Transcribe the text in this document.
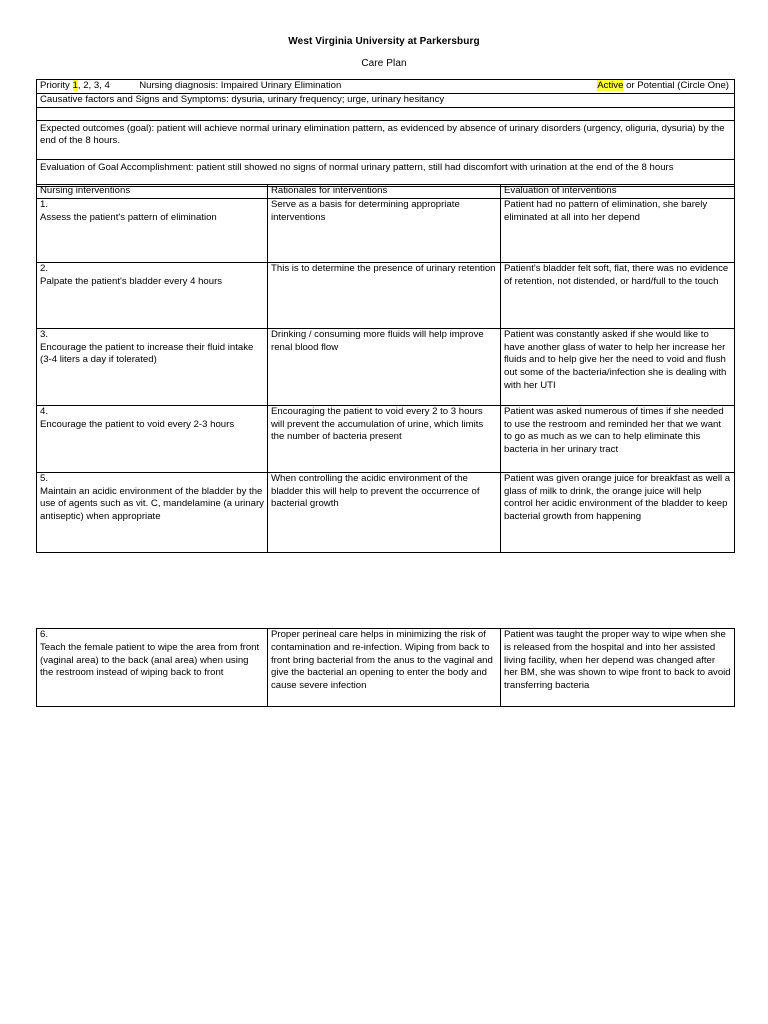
West Virginia University at Parkersburg
Care Plan
Priority 1, 2, 3, 4	Nursing diagnosis: Impaired Urinary Elimination	Active or Potential (Circle One)

Causative factors and Signs and Symptoms: dysuria, urinary frequency; urge, urinary hesitancy

Expected outcomes (goal): patient will achieve normal urinary elimination pattern, as evidenced by absence of urinary disorders (urgency, oliguria, dysuria) by the end of the 8 hours.
Evaluation of Goal Accomplishment: patient still showed no signs of normal urinary pattern, still had discomfort with urination at the end of the 8 hours
Nursing interventions	Rationales for interventions	Evaluation of interventions

1.
Assess the patient's pattern of elimination	Serve as a basis for determining appropriate interventions	Patient had no pattern of elimination, she barely eliminated at all into her depend

2.
Palpate the patient's bladder every 4 hours	This is to determine the presence of urinary retention	Patient's bladder felt soft, flat, there was no evidence of retention, not distended, or hard/full to the touch

3.
Encourage the patient to increase their fluid intake (3-4 liters a day if tolerated)	Drinking / consuming more fluids will help improve renal blood flow	Patient was constantly asked if she would like to have another glass of water to help her increase her fluids and to help give her the need to void and flush out some of the bacteria/infection she is dealing with with her UTI

4.
Encourage the patient to void every 2-3 hours	Encouraging the patient to void every 2 to 3 hours will prevent the accumulation of urine, which limits the number of bacteria present	Patient was asked numerous of times if she needed to use the restroom and reminded her that we want to go as much as we can to help eliminate this bacteria in her urinary tract

5.
Maintain an acidic environment of the bladder by the use of agents such as vit. C, mandelamine (a urinary antiseptic) when appropriate	When controlling the acidic environment of the bladder this will help to prevent the occurrence of bacterial growth	Patient was given orange juice for breakfast as well a glass of milk to drink, the orange juice will help control her acidic environment of the bladder to keep bacterial growth from happening
6.
Teach the female patient to wipe the area from front (vaginal area) to the back (anal area) when using the restroom instead of wiping back to front	Proper perineal care helps in minimizing the risk of contamination and re-infection. Wiping from back to front bring bacterial from the anus to the vaginal and give the bacterial an opening to enter the body and cause severe infection	Patient was taught the proper way to wipe when she is released from the hospital and into her assisted living facility, when her depend was changed after her BM, she was shown to wipe front to back to avoid transferring bacteria
